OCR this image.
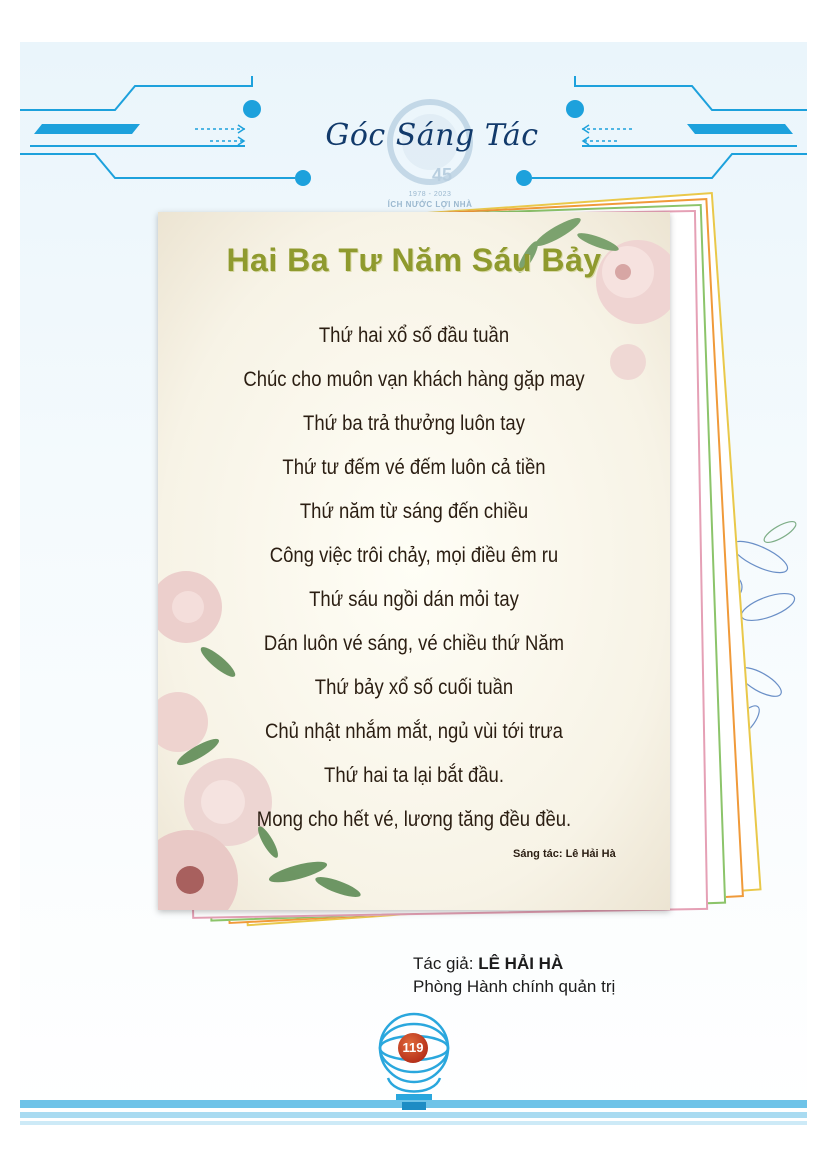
45
Góc Sáng Tác
1978 - 2023
ÍCH NƯỚC LỢI NHÀ
Hai Ba Tư Năm Sáu Bảy
Thứ hai xổ số đầu tuần
Chúc cho muôn vạn khách hàng gặp may
Thứ ba trả thưởng luôn tay
Thứ tư đếm vé đếm luôn cả tiền
Thứ năm từ sáng đến chiều
Công việc trôi chảy, mọi điều êm ru
Thứ sáu ngồi dán mỏi tay
Dán luôn vé sáng, vé chiều thứ Năm
Thứ bảy xổ số cuối tuần
Chủ nhật nhắm mắt, ngủ vùi tới trưa
Thứ hai ta lại bắt đầu.
Mong cho hết vé, lương tăng đều đều.
Sáng tác: Lê Hải Hà
Tác giả: LÊ HẢI HÀ
Phòng Hành chính quản trị
119
